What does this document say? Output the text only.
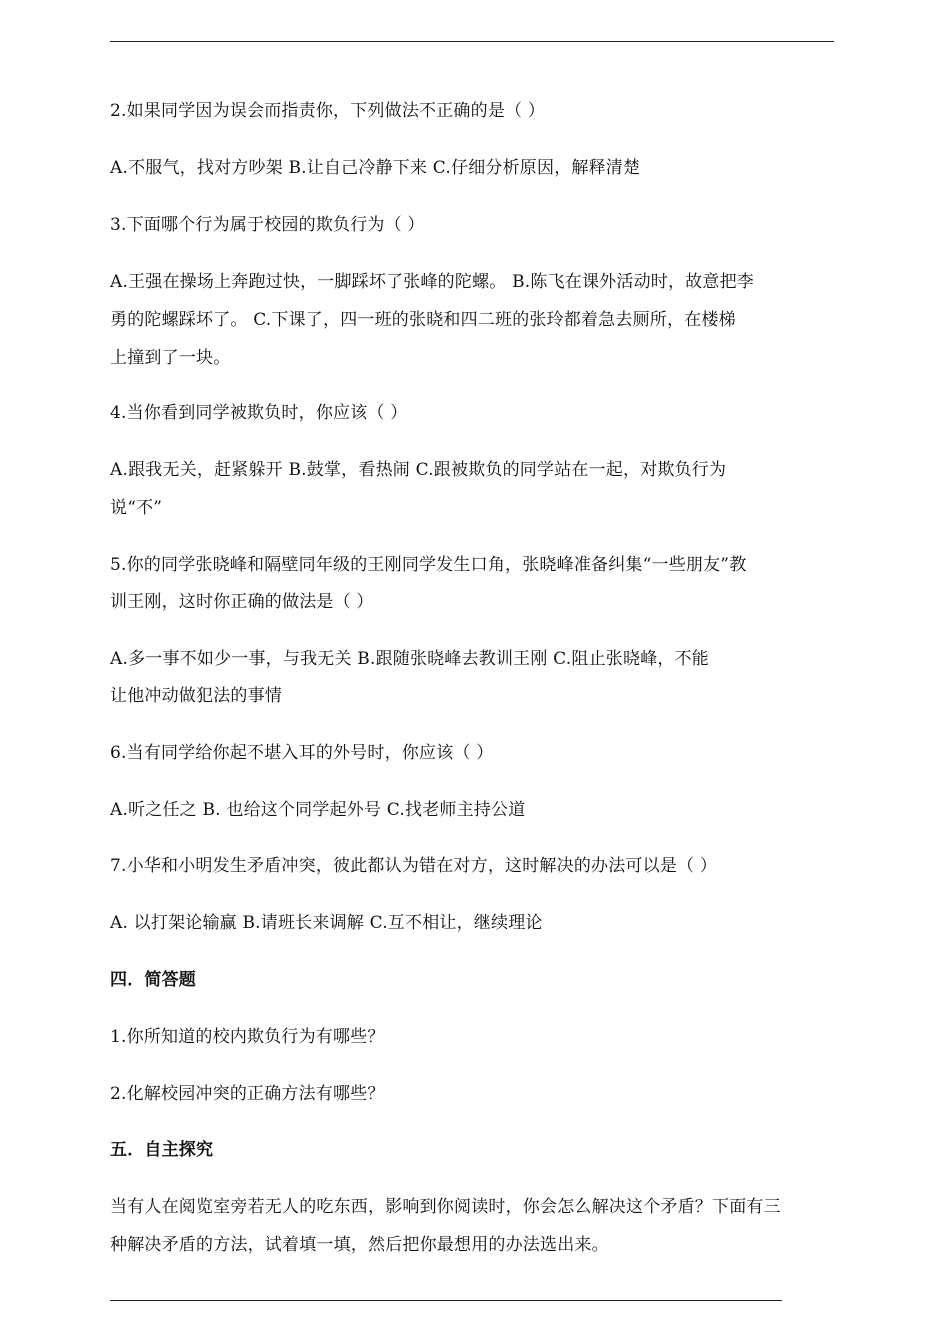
2.如果同学因为误会而指责你，下列做法不正确的是（ ）
A.不服气，找对方吵架 B.让自己冷静下来 C.仔细分析原因，解释清楚
3.下面哪个行为属于校园的欺负行为（ ）
A.王强在操场上奔跑过快，一脚踩坏了张峰的陀螺。 B.陈飞在课外活动时，故意把李
勇的陀螺踩坏了。 C.下课了，四一班的张晓和四二班的张玲都着急去厕所，在楼梯
上撞到了一块。
4.当你看到同学被欺负时，你应该（ ）
A.跟我无关，赶紧躲开 B.鼓掌，看热闹 C.跟被欺负的同学站在一起，对欺负行为
说“不”
5.你的同学张晓峰和隔壁同年级的王刚同学发生口角，张晓峰准备纠集“一些朋友”教
训王刚，这时你正确的做法是（ ）
A.多一事不如少一事，与我无关 B.跟随张晓峰去教训王刚 C.阻止张晓峰，不能
让他冲动做犯法的事情
6.当有同学给你起不堪入耳的外号时，你应该（ ）
A.听之任之 B. 也给这个同学起外号 C.找老师主持公道
7.小华和小明发生矛盾冲突，彼此都认为错在对方，这时解决的办法可以是（ ）
A. 以打架论输赢 B.请班长来调解 C.互不相让，继续理论
四．简答题
1.你所知道的校内欺负行为有哪些？
2.化解校园冲突的正确方法有哪些？
五．自主探究
当有人在阅览室旁若无人的吃东西，影响到你阅读时，你会怎么解决这个矛盾？下面有三
种解决矛盾的方法，试着填一填，然后把你最想用的办法选出来。
